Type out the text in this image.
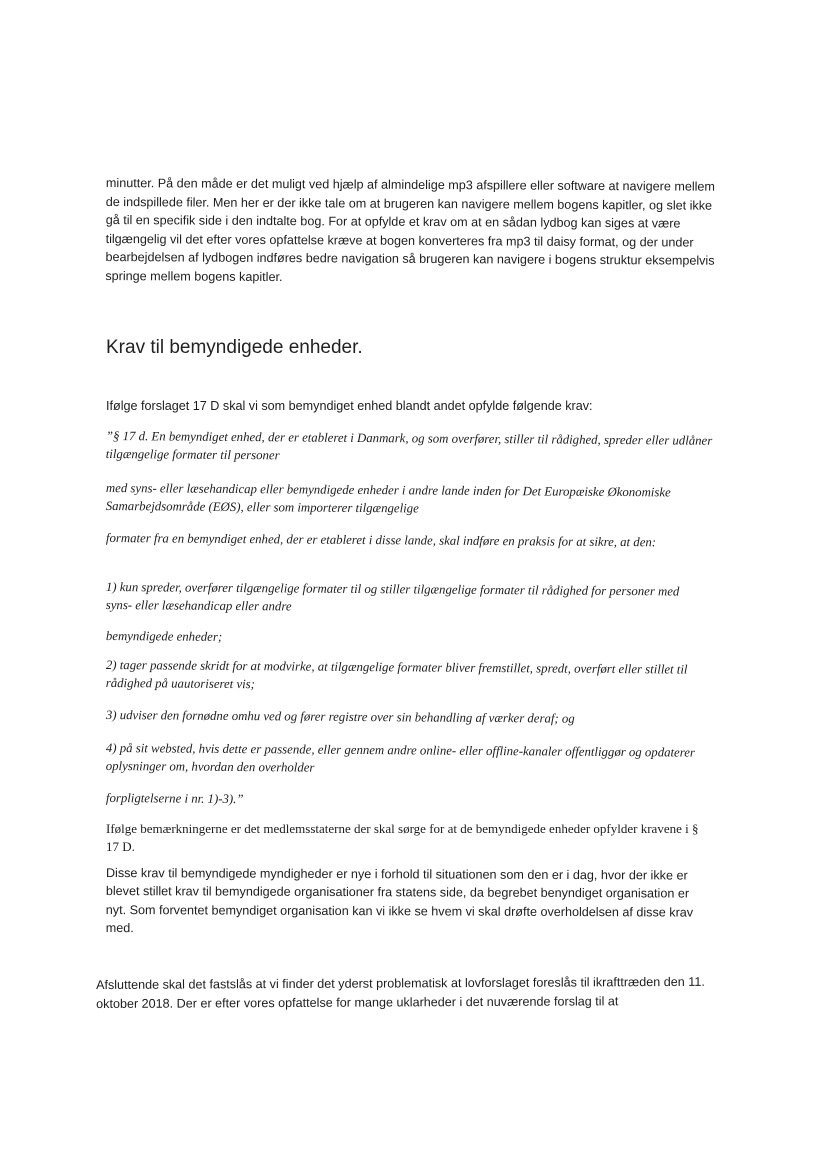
minutter. På den måde er det muligt ved hjælp af almindelige mp3 afspillere eller software at navigere mellem de indspillede filer. Men her er der ikke tale om at brugeren kan navigere mellem bogens kapitler, og slet ikke gå til en specifik side i den indtalte bog. For at opfylde et krav om at en sådan lydbog kan siges at være tilgængelig vil det efter vores opfattelse kræve at bogen konverteres fra mp3 til daisy format, og der under bearbejdelsen af lydbogen indføres bedre navigation så brugeren kan navigere i bogens struktur eksempelvis springe mellem bogens kapitler.

Krav til bemyndigede enheder.

Ifølge forslaget 17 D skal vi som bemyndiget enhed blandt andet opfylde følgende krav:

”§ 17 d. En bemyndiget enhed, der er etableret i Danmark, og som overfører, stiller til rådighed, spreder eller udlåner tilgængelige formater til personer

med syns- eller læsehandicap eller bemyndigede enheder i andre lande inden for Det Europæiske Økonomiske Samarbejdsområde (EØS), eller som importerer tilgængelige

formater fra en bemyndiget enhed, der er etableret i disse lande, skal indføre en praksis for at sikre, at den:

1) kun spreder, overfører tilgængelige formater til og stiller tilgængelige formater til rådighed for personer med syns- eller læsehandicap eller andre

bemyndigede enheder;

2) tager passende skridt for at modvirke, at tilgængelige formater bliver fremstillet, spredt, overført eller stillet til rådighed på uautoriseret vis;

3) udviser den fornødne omhu ved og fører registre over sin behandling af værker deraf; og

4) på sit websted, hvis dette er passende, eller gennem andre online- eller offline-kanaler offentliggør og opdaterer oplysninger om, hvordan den overholder

forpligtelserne i nr. 1)-3).”

Ifølge bemærkningerne er det medlemsstaterne der skal sørge for at de bemyndigede enheder opfylder kravene i § 17 D.

Disse krav til bemyndigede myndigheder er nye i forhold til situationen som den er i dag, hvor der ikke er blevet stillet krav til bemyndigede organisationer fra statens side, da begrebet benyndiget organisation er nyt. Som forventet bemyndiget organisation kan vi ikke se hvem vi skal drøfte overholdelsen af disse krav med.

Afsluttende skal det fastslås at vi finder det yderst problematisk at lovforslaget foreslås til ikrafttræden den 11. oktober 2018. Der er efter vores opfattelse for mange uklarheder i det nuværende forslag til at
